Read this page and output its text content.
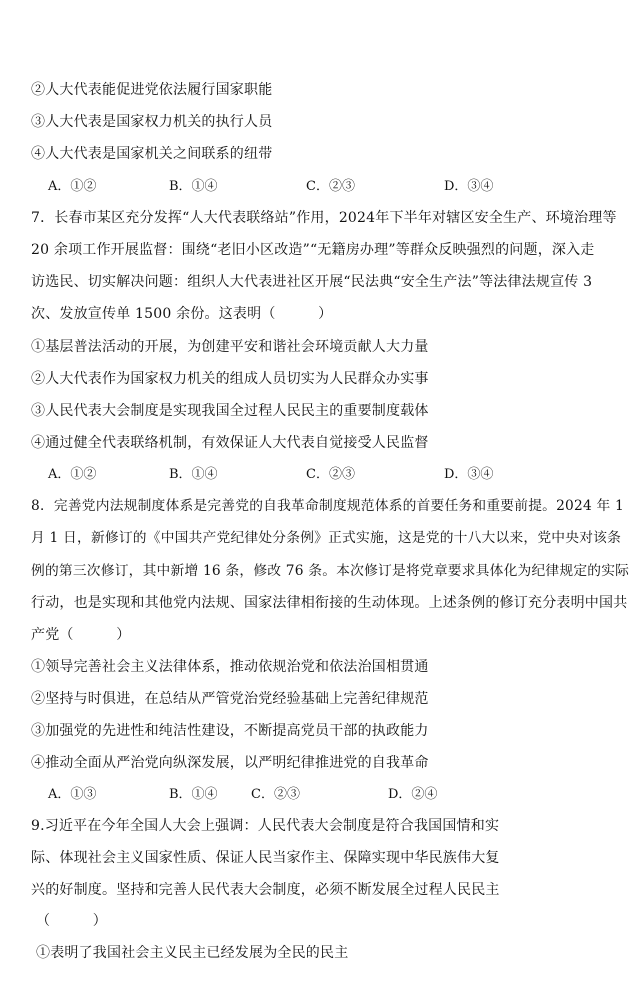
②人大代表能促进党依法履行国家职能
③人大代表是国家权力机关的执行人员
④人大代表是国家机关之间联系的纽带
A．①②	B．①④	C．②③	D．③④
7．长春市某区充分发挥“人大代表联络站”作用，2024年下半年对辖区安全生产、环境治理等
20 余项工作开展监督：围绕“老旧小区改造”“无籍房办理”等群众反映强烈的问题，深入走
访选民、切实解决问题：组织人大代表进社区开展“民法典“安全生产法”等法律法规宣传 3
次、发放宣传单 1500 余份。这表明（　　　）
①基层普法活动的开展，为创建平安和谐社会环境贡献人大力量
②人大代表作为国家权力机关的组成人员切实为人民群众办实事
③人民代表大会制度是实现我国全过程人民民主的重要制度载体
④通过健全代表联络机制，有效保证人大代表自觉接受人民监督
A．①②	B．①④	C．②③	D．③④
8．完善党内法规制度体系是完善党的自我革命制度规范体系的首要任务和重要前提。2024 年 1
月 1 日，新修订的《中国共产党纪律处分条例》正式实施，这是党的十八大以来，党中央对该条
例的第三次修订，其中新增 16 条，修改 76 条。本次修订是将党章要求具体化为纪律规定的实际
行动，也是实现和其他党内法规、国家法律相衔接的生动体现。上述条例的修订充分表明中国共
产党（　　　）
①领导完善社会主义法律体系，推动依规治党和依法治国相贯通
②坚持与时俱进，在总结从严管党治党经验基础上完善纪律规范
③加强党的先进性和纯洁性建设，不断提高党员干部的执政能力
④推动全面从严治党向纵深发展，以严明纪律推进党的自我革命
A．①③	B．①④	C．②③	D．②④
9.习近平在今年全国人大会上强调：人民代表大会制度是符合我国国情和实
际、体现社会主义国家性质、保证人民当家作主、保障实现中华民族伟大复
兴的好制度。坚持和完善人民代表大会制度，必须不断发展全过程人民民主
（　　　）
①表明了我国社会主义民主已经发展为全民的民主
